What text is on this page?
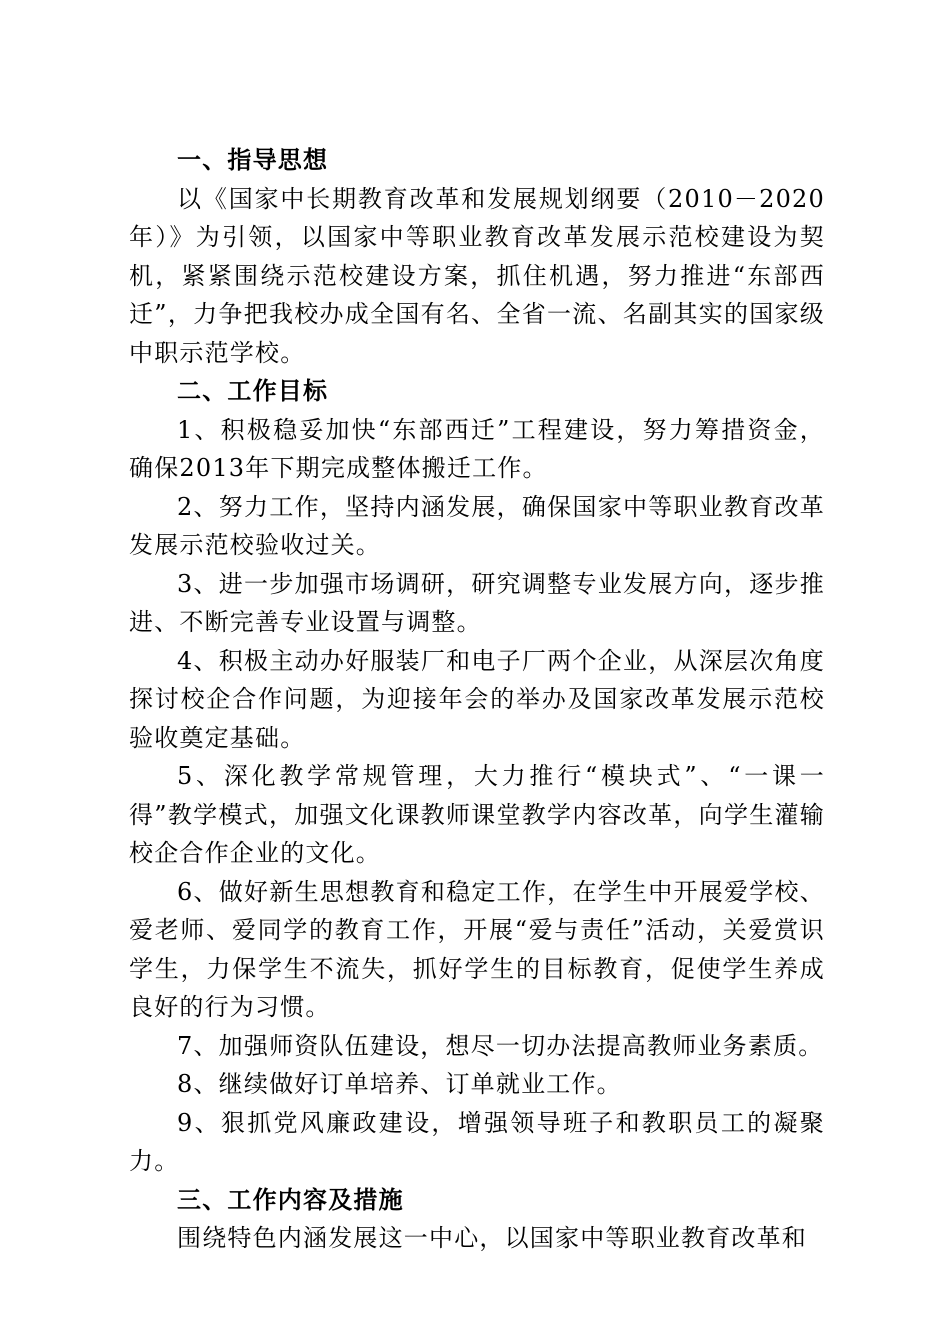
一、指导思想

以《国家中长期教育改革和发展规划纲要（2010－2020年）》为引领，以国家中等职业教育改革发展示范校建设为契机，紧紧围绕示范校建设方案，抓住机遇，努力推进“东部西迁”，力争把我校办成全国有名、全省一流、名副其实的国家级中职示范学校。

二、工作目标

1、积极稳妥加快“东部西迁”工程建设，努力筹措资金，确保2013年下期完成整体搬迁工作。

2、努力工作，坚持内涵发展，确保国家中等职业教育改革发展示范校验收过关。

3、进一步加强市场调研，研究调整专业发展方向，逐步推进、不断完善专业设置与调整。

4、积极主动办好服装厂和电子厂两个企业，从深层次角度探讨校企合作问题，为迎接年会的举办及国家改革发展示范校验收奠定基础。

5、深化教学常规管理，大力推行“模块式”、“一课一得”教学模式，加强文化课教师课堂教学内容改革，向学生灌输校企合作企业的文化。

6、做好新生思想教育和稳定工作，在学生中开展爱学校、爱老师、爱同学的教育工作，开展“爱与责任”活动，关爱赏识学生，力保学生不流失，抓好学生的目标教育，促使学生养成良好的行为习惯。

7、加强师资队伍建设，想尽一切办法提高教师业务素质。

8、继续做好订单培养、订单就业工作。

9、狠抓党风廉政建设，增强领导班子和教职员工的凝聚力。

三、工作内容及措施

围绕特色内涵发展这一中心，以国家中等职业教育改革和
